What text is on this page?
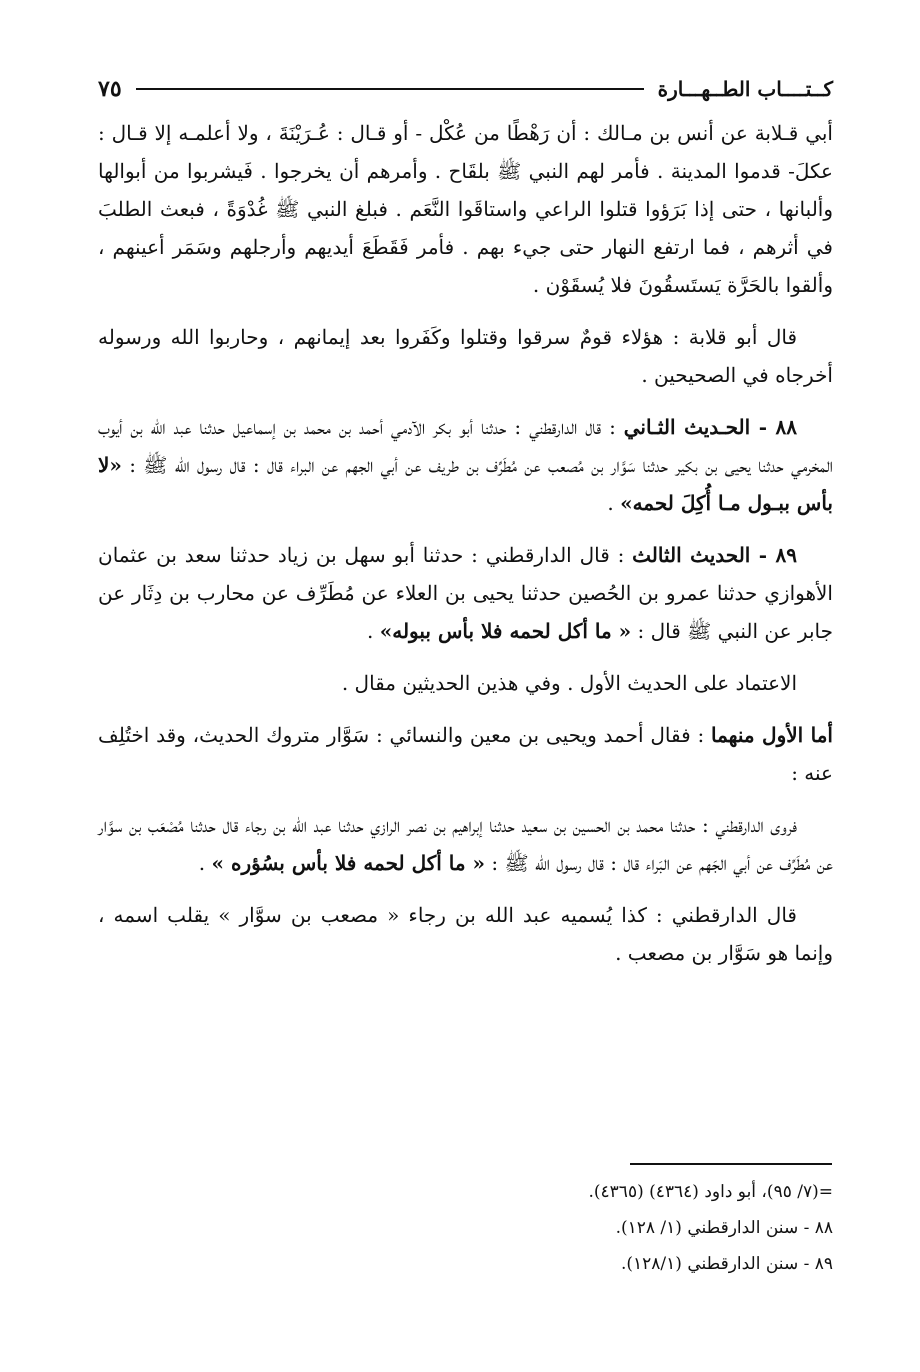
كــتــــاب الطــهـــارة
٧٥

أبي قـلابة عن أنس بن مـالك : أن رَهْطًا من عُكْل - أو قـال : عُـرَيْنَةَ ، ولا أعلمـه إلا قـال : عكلَ- قدموا المدينة . فأمر لهم النبي ﷺ بلقَاح . وأمرهم أن يخرجوا . فَيشربوا من أبوالها وألبانها ، حتى إذا بَرَؤوا قتلوا الراعي واستاقَوا النَّعَم . فبلغ النبي ﷺ غُدْوَةً ، فبعث الطلبَ في أثرهم ، فما ارتفع النهار حتى جيء بهم . فأمر فَقَطَعَ أيديهم وأرجلهم وسَمَر أعينهم ، وألقوا بالحَرَّة يَستَسقُونَ فلا يُسقَوْن .

قال أبو قلابة : هؤلاء قومٌ سرقوا وقتلوا وكَفَروا بعد إيمانهم ، وحاربوا الله ورسوله أخرجاه في الصحيحين .

٨٨ - الحـديث الثـاني : قال الدارقطني : حدثنا أبو بكر الآدمي أحمد بن محمد بن إسماعيل حدثنا عبد الله بن أيوب المخرمي حدثنا يحيى بن بكير حدثنا سَوَّار بن مُصعب عن مُطَرِّف بن طريف عن أبي الجهم عن البراء قال : قال رسول الله ﷺ : «لا بأس ببـول مـا أُكِلَ لحمه» .

٨٩ - الحديث الثالث : قال الدارقطني : حدثنا أبو سهل بن زياد حدثنا سعد بن عثمان الأهوازي حدثنا عمرو بن الحُصين حدثنا يحيى بن العلاء عن مُطَرِّف عن محارب بن دِثَار عن جابر عن النبي ﷺ قال : « ما أكل لحمه فلا بأس ببوله» .

الاعتماد على الحديث الأول . وفي هذين الحديثين مقال .

أما الأول منهما : فقال أحمد ويحيى بن معين والنسائي : سَوَّار متروك الحديث، وقد اختُلِف عنه :

فروى الدارقطني : حدثنا محمد بن الحسين بن سعيد حدثنا إبراهيم بن نصر الرازي حدثنا عبد الله بن رجاء قال حدثنا مُصْعَب بن سوَّار عن مُطَرِّف عن أبي الجَهم عن البَراء قال : قال رسول الله ﷺ : « ما أكل لحمه فلا بأس بسُؤره » .

قال الدارقطني : كذا يُسميه عبد الله بن رجاء « مصعب بن سوَّار » يقلب اسمه ، وإنما هو سَوَّار بن مصعب .

=(٧/ ٩٥)، أبو داود (٤٣٦٤) (٤٣٦٥).

٨٨ - سنن الدارقطني (١/ ١٢٨).

٨٩ - سنن الدارقطني (١٢٨/١).
